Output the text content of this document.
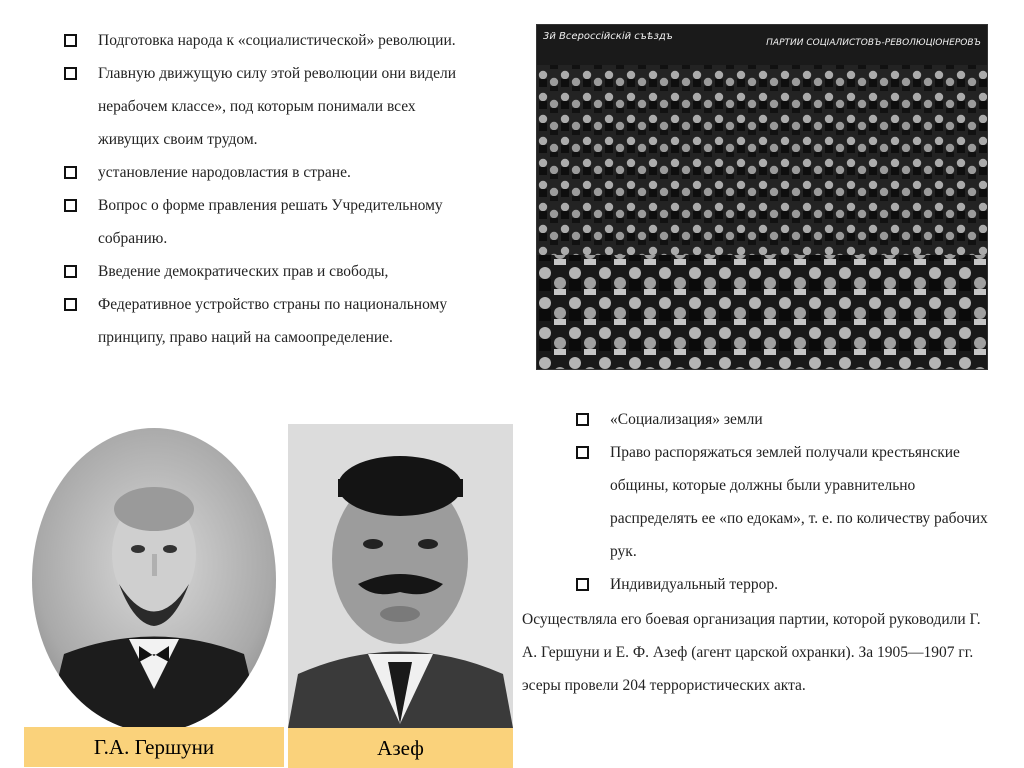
Подготовка народа к «социалистической» революции.
Главную движущую силу этой революции они видели нерабочем классе», под которым понимали всех живущих своим трудом.
установление народовластия в стране.
Вопрос о форме правления решать Учредительному собранию.
Введение демократических прав и свободы,
Федеративное устройство страны по национальному принципу, право наций на самоопределение.
3й Всероссiйскiй съѣздъ
ПАРТИИ СОЦIАЛИСТОВЪ-РЕВОЛЮЦIОНЕРОВЪ
«Социализация» земли
Право распоряжаться землей получали крестьянские общины, которые должны были уравнительно распределять ее «по едокам», т. е. по количеству рабочих рук.
Индивидуальный террор.

Осуществляла его боевая организация партии, которой руководили Г. А. Гершуни и Е. Ф. Азеф (агент царской охранки). За 1905—1907 гг. эсеры провели 204 террористических акта.

Г.А. Гершуни	Азеф
